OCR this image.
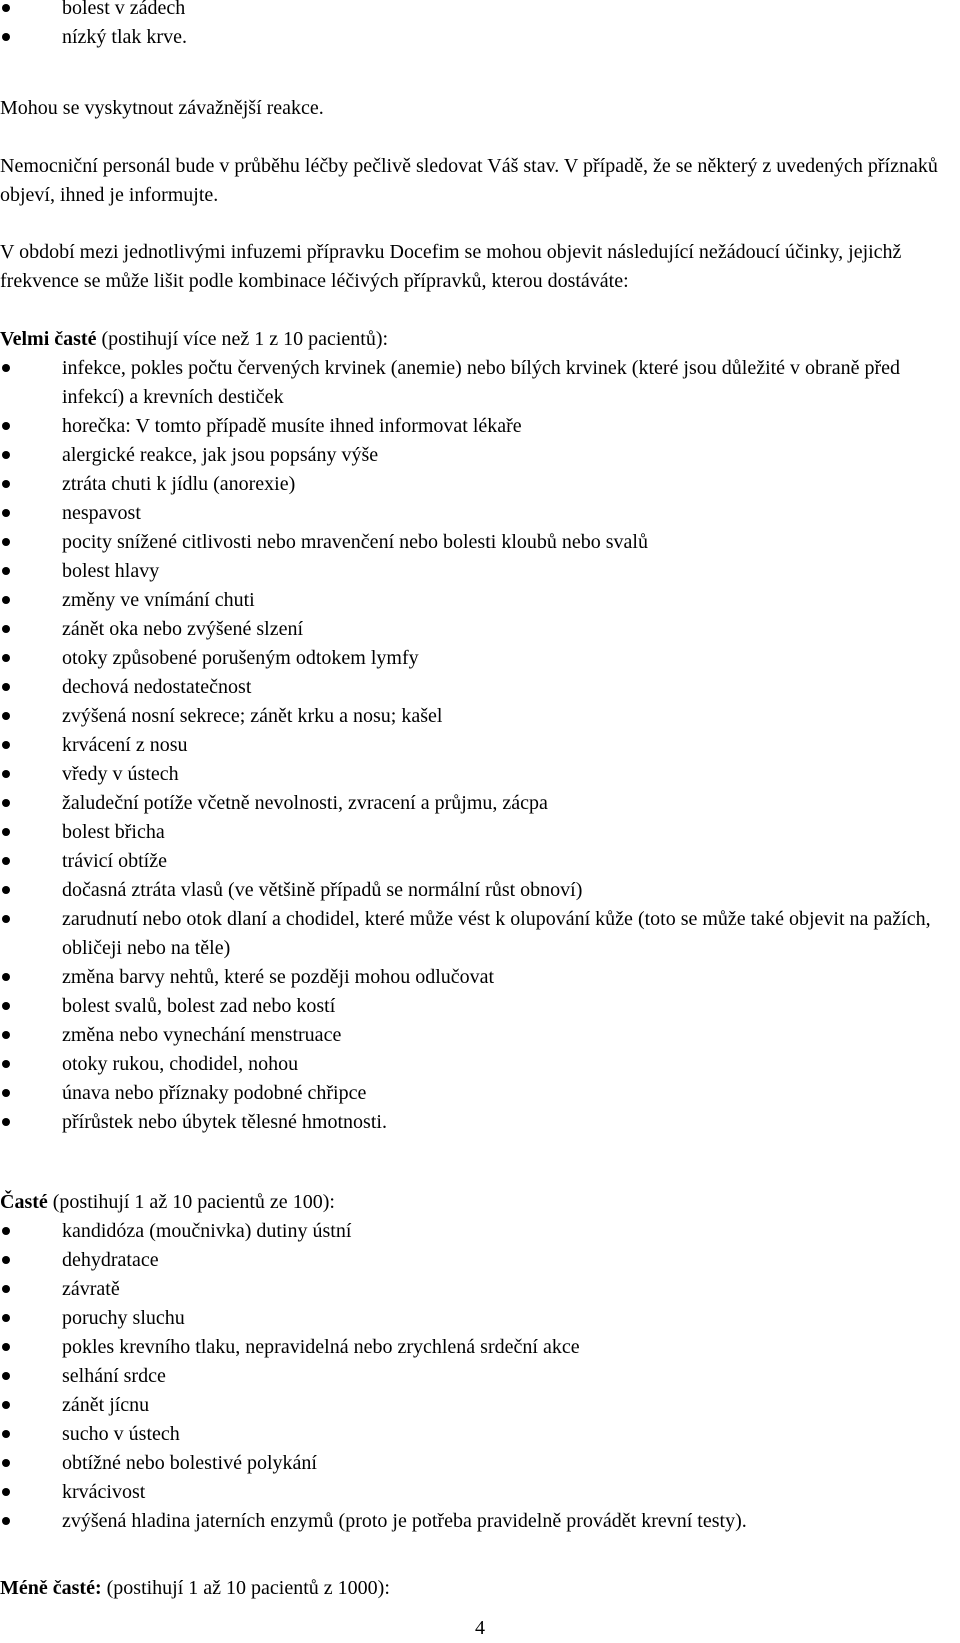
bolest v zádech
nízký tlak krve.

Mohou se vyskytnout závažnější reakce.

Nemocniční personál bude v průběhu léčby pečlivě sledovat Váš stav. V případě, že se některý z uvedených příznaků objeví, ihned je informujte.

V období mezi jednotlivými infuzemi přípravku Docefim se mohou objevit následující nežádoucí účinky, jejichž frekvence se může lišit podle kombinace léčivých přípravků, kterou dostáváte:

Velmi časté (postihují více než 1 z 10 pacientů):

infekce, pokles počtu červených krvinek (anemie) nebo bílých krvinek (které jsou důležité v obraně před infekcí) a krevních destiček
horečka: V tomto případě musíte ihned informovat lékaře
alergické reakce, jak jsou popsány výše
ztráta chuti k jídlu (anorexie)
nespavost
pocity snížené citlivosti nebo mravenčení nebo bolesti kloubů nebo svalů
bolest hlavy
změny ve vnímání chuti
zánět oka nebo zvýšené slzení
otoky způsobené porušeným odtokem lymfy
dechová nedostatečnost
zvýšená nosní sekrece; zánět krku a nosu; kašel
krvácení z nosu
vředy v ústech
žaludeční potíže včetně nevolnosti, zvracení a průjmu, zácpa
bolest břicha
trávicí obtíže
dočasná ztráta vlasů (ve většině případů se normální růst obnoví)
zarudnutí nebo otok dlaní a chodidel, které může vést k olupování kůže (toto se může také objevit na pažích, obličeji nebo na těle)
změna barvy nehtů, které se později mohou odlučovat
bolest svalů, bolest zad nebo kostí
změna nebo vynechání menstruace
otoky rukou, chodidel, nohou
únava nebo příznaky podobné chřipce
přírůstek nebo úbytek tělesné hmotnosti.

Časté (postihují 1 až 10 pacientů ze 100):

kandidóza (moučnivka) dutiny ústní
dehydratace
závratě
poruchy sluchu
pokles krevního tlaku, nepravidelná nebo zrychlená srdeční akce
selhání srdce
zánět jícnu
sucho v ústech
obtížné nebo bolestivé polykání
krvácivost
zvýšená hladina jaterních enzymů (proto je potřeba pravidelně provádět krevní testy).

Méně časté: (postihují 1 až 10 pacientů z 1000):

4
